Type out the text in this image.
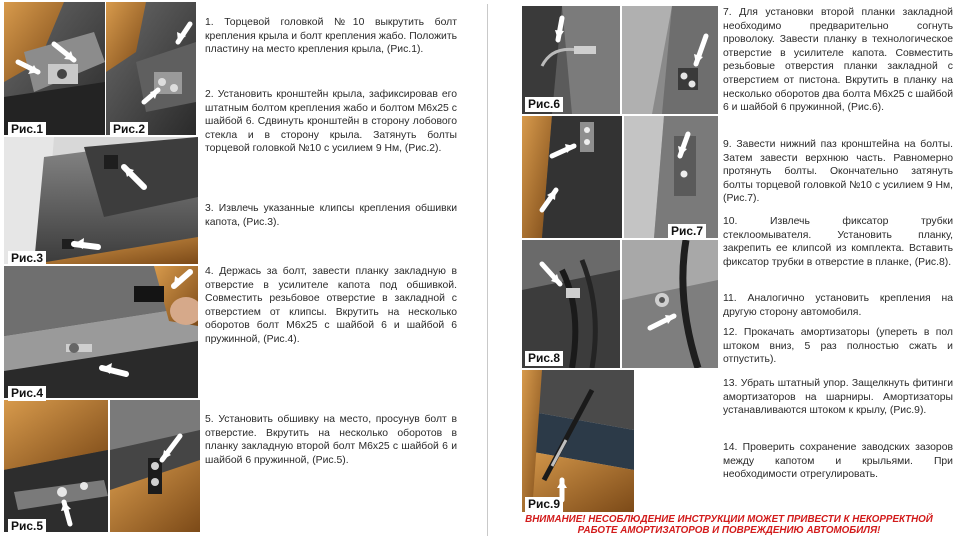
Рис.1	Рис.2
Рис.3
Рис.4
Рис.5

1. Торцевой головкой №10 выкрутить болт крепления крыла и болт крепления жабо. Положить пластину на место крепления крыла, (Рис.1).

2. Установить кронштейн крыла, зафиксировав его штатным болтом крепления жабо и болтом М6х25 с шайбой 6. Сдвинуть кронштейн в сторону лобового стекла и в сторону крыла. Затянуть болты торцевой головкой №10 с усилием 9 Нм, (Рис.2).

3. Извлечь указанные клипсы крепления обшивки капота, (Рис.3).

4. Держась за болт, завести планку закладную в отверстие в усилителе капота под обшивкой. Совместить резьбовое отверстие в закладной с отверстием от клипсы. Вкрутить на несколько оборотов болт М6х25 с шайбой 6 и шайбой 6 пружинной, (Рис.4).

5. Установить обшивку на место, просунув болт в отверстие. Вкрутить на несколько оборотов в планку закладную второй болт М6х25 с шайбой 6 и шайбой 6 пружинной, (Рис.5).

Рис.6
Рис.7
Рис.8
Рис.9

7. Для установки второй планки закладной необходимо предварительно согнуть проволоку. Завести планку в технологическое отверстие в усилителе капота. Совместить резьбовые отверстия планки закладной с отверстием от пистона. Вкрутить в планку на несколько оборотов два болта М6х25 с шайбой 6 и шайбой 6 пружинной, (Рис.6).

9. Завести нижний паз кронштейна на болты. Затем завести верхнюю часть. Равномерно протянуть болты. Окончательно затянуть болты торцевой головкой №10 с усилием 9 Нм, (Рис.7).

10. Извлечь фиксатор трубки стеклоомывателя. Установить планку, закрепить ее клипсой из комплекта. Вставить фиксатор трубки в отверстие в планке, (Рис.8).

11. Аналогично установить крепления на другую сторону автомобиля.

12. Прокачать амортизаторы (упереть в пол штоком вниз, 5 раз полностью сжать и отпустить).

13. Убрать штатный упор. Защелкнуть фитинги амортизаторов на шарниры. Амортизаторы устанавливаются штоком к крылу, (Рис.9).

14. Проверить сохранение заводских зазоров между капотом и крыльями. При необходимости отрегулировать.

ВНИМАНИЕ! НЕСОБЛЮДЕНИЕ ИНСТРУКЦИИ МОЖЕТ ПРИВЕСТИ К НЕКОРРЕКТНОЙ
РАБОТЕ АМОРТИЗАТОРОВ И ПОВРЕЖДЕНИЮ АВТОМОБИЛЯ!
